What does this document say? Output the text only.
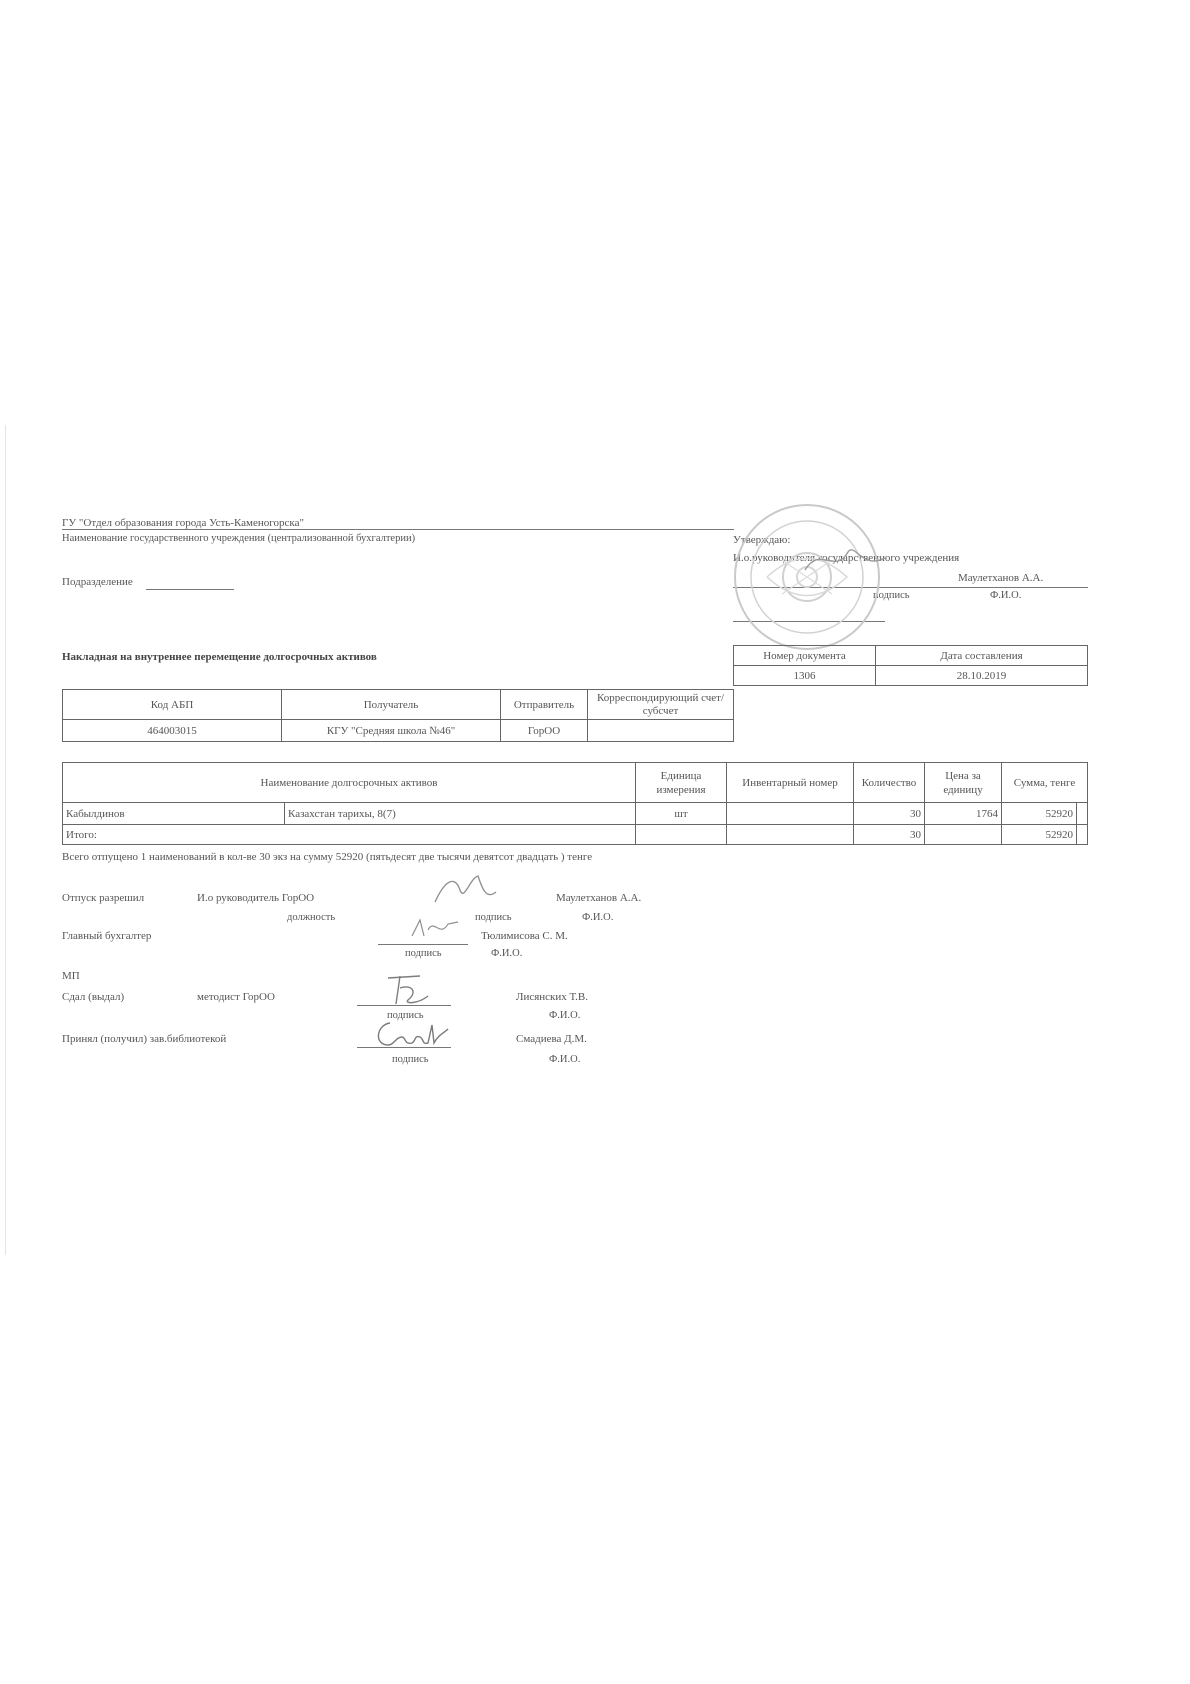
ГУ "Отдел образования города Усть-Каменогорска"
Наименование государственного учреждения (централизованной бухгалтерии)
Подразделение
Утверждаю:
И.о.руководителя государственного учреждения
Маулетханов А.А.
подпись	Ф.И.О.
Накладная на внутреннее перемещение долгосрочных активов	Номер документа	Дата составления
1306	28.10.2019
Код АБП	Получатель	Отправитель	Корреспондирующий счет/субсчет
464003015	КГУ "Средняя школа №46"	ГорОО	
Наименование долгосрочных активов		Единица измерения	Инвентарный номер	Количество	Цена за единицу	Сумма, тенге	
Кабылдинов	Казахстан тарихы, 8(7)	шт		30	1764	52920	
Итого:				30		52920	
Всего отпущено 1 наименований в кол-ве 30 экз на сумму 52920 (пятьдесят две тысячи девятсот двадцать ) тенге
Отпуск разрешил	И.о руководитель ГорОО	Маулетханов А.А.
должность	подпись	Ф.И.О.
Главный бухгалтер	Тюлимисова С. М.
подпись	Ф.И.О.
МП
Сдал (выдал)	методист ГорОО	Лисянских Т.В.
подпись	Ф.И.О.
Принял (получил) зав.библиотекой	Смадиева Д.М.
подпись	Ф.И.О.
